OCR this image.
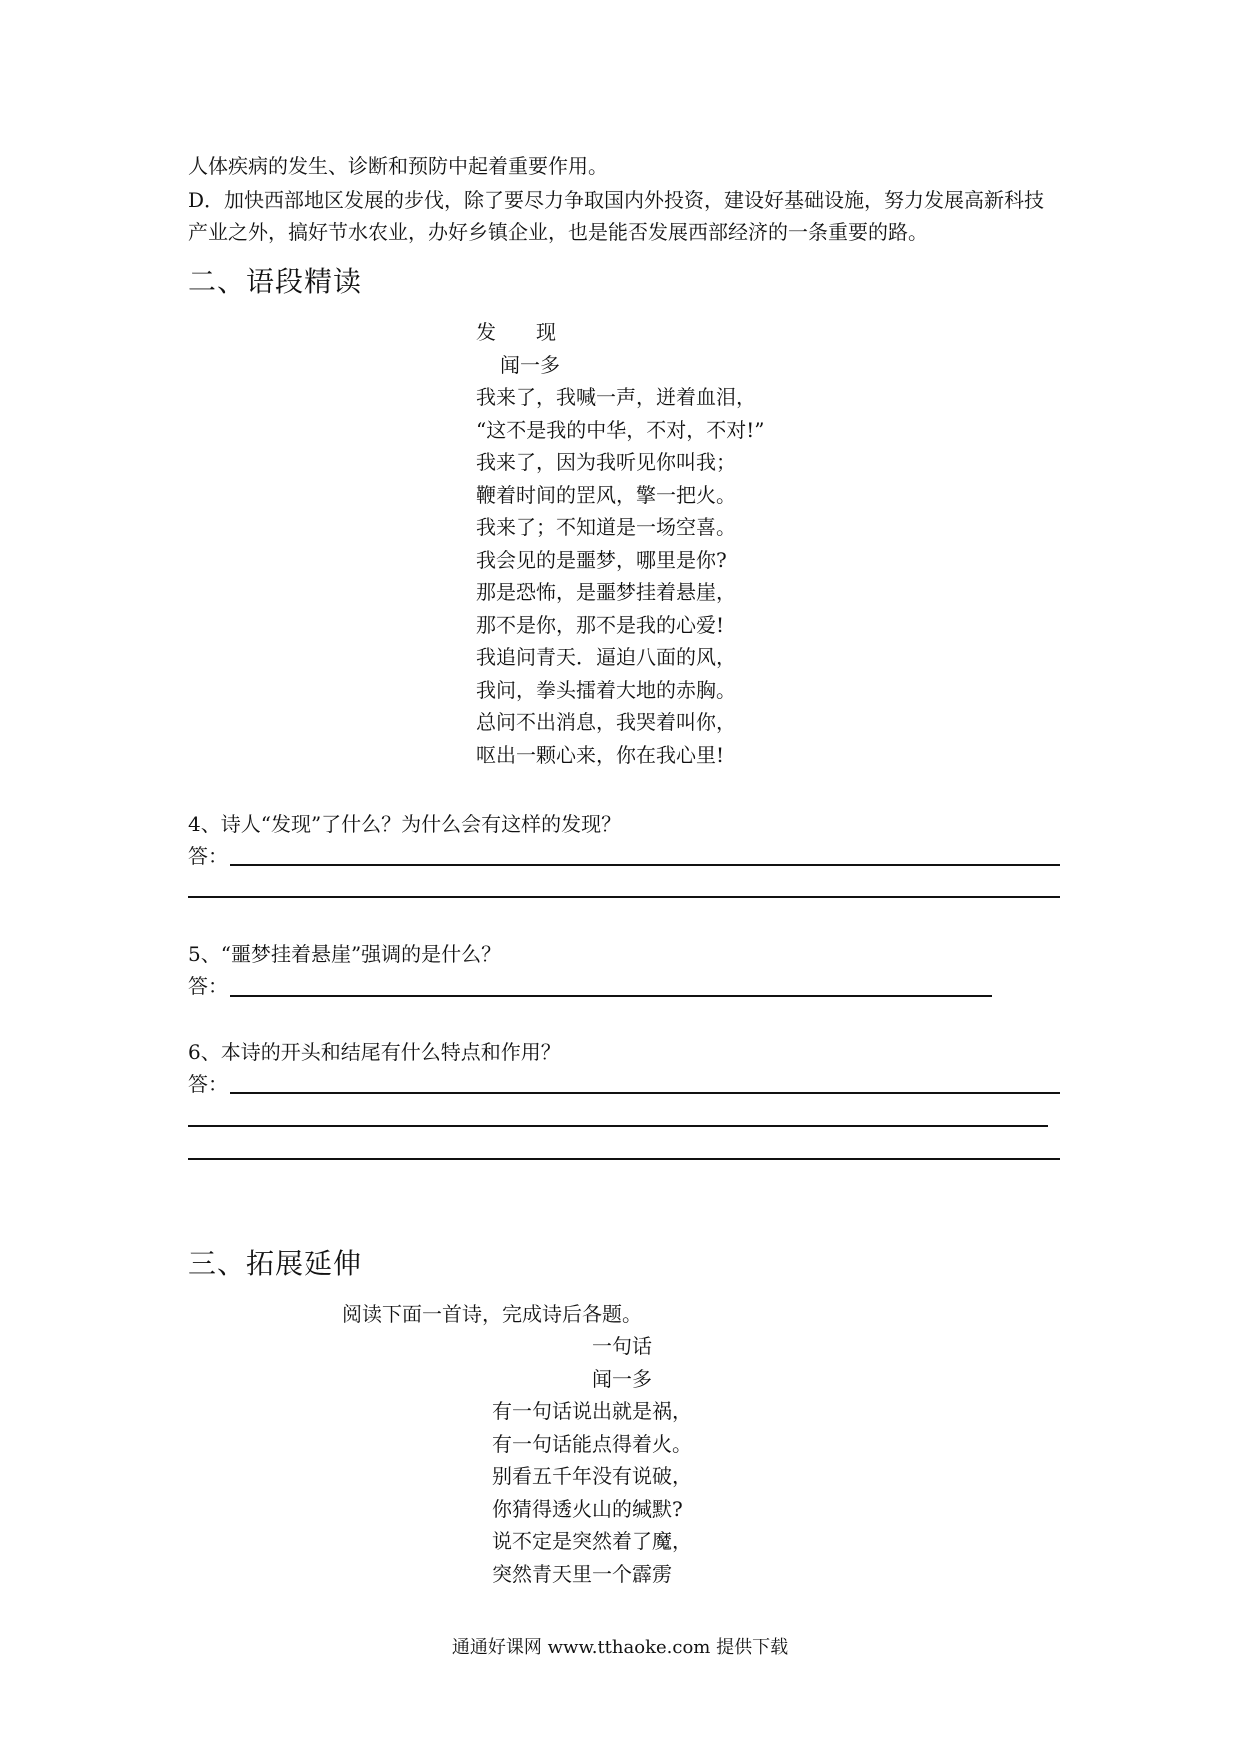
人体疾病的发生、诊断和预防中起着重要作用。
D．加快西部地区发展的步伐，除了要尽力争取国内外投资，建设好基础设施，努力发展高新科技产业之外，搞好节水农业，办好乡镇企业，也是能否发展西部经济的一条重要的路。
二、语段精读
发　　现
闻一多
我来了，我喊一声，迸着血泪，
“这不是我的中华，不对，不对!”
我来了，因为我听见你叫我；
鞭着时间的罡风，擎一把火。
我来了；不知道是一场空喜。
我会见的是噩梦，哪里是你?
那是恐怖，是噩梦挂着悬崖，
那不是你，那不是我的心爱!
我追问青天．逼迫八面的风，
我问，拳头擂着大地的赤胸。
总问不出消息，我哭着叫你，
呕出一颗心来，你在我心里!
4、诗人“发现”了什么？为什么会有这样的发现？
答：
5、“噩梦挂着悬崖”强调的是什么？
答：
6、本诗的开头和结尾有什么特点和作用？
答：
三、拓展延伸
阅读下面一首诗，完成诗后各题。
一句话
闻一多
有一句话说出就是祸，
有一句话能点得着火。
别看五千年没有说破，
你猜得透火山的缄默?
说不定是突然着了魔，
突然青天里一个霹雳
通通好课网 www.tthaoke.com 提供下载
